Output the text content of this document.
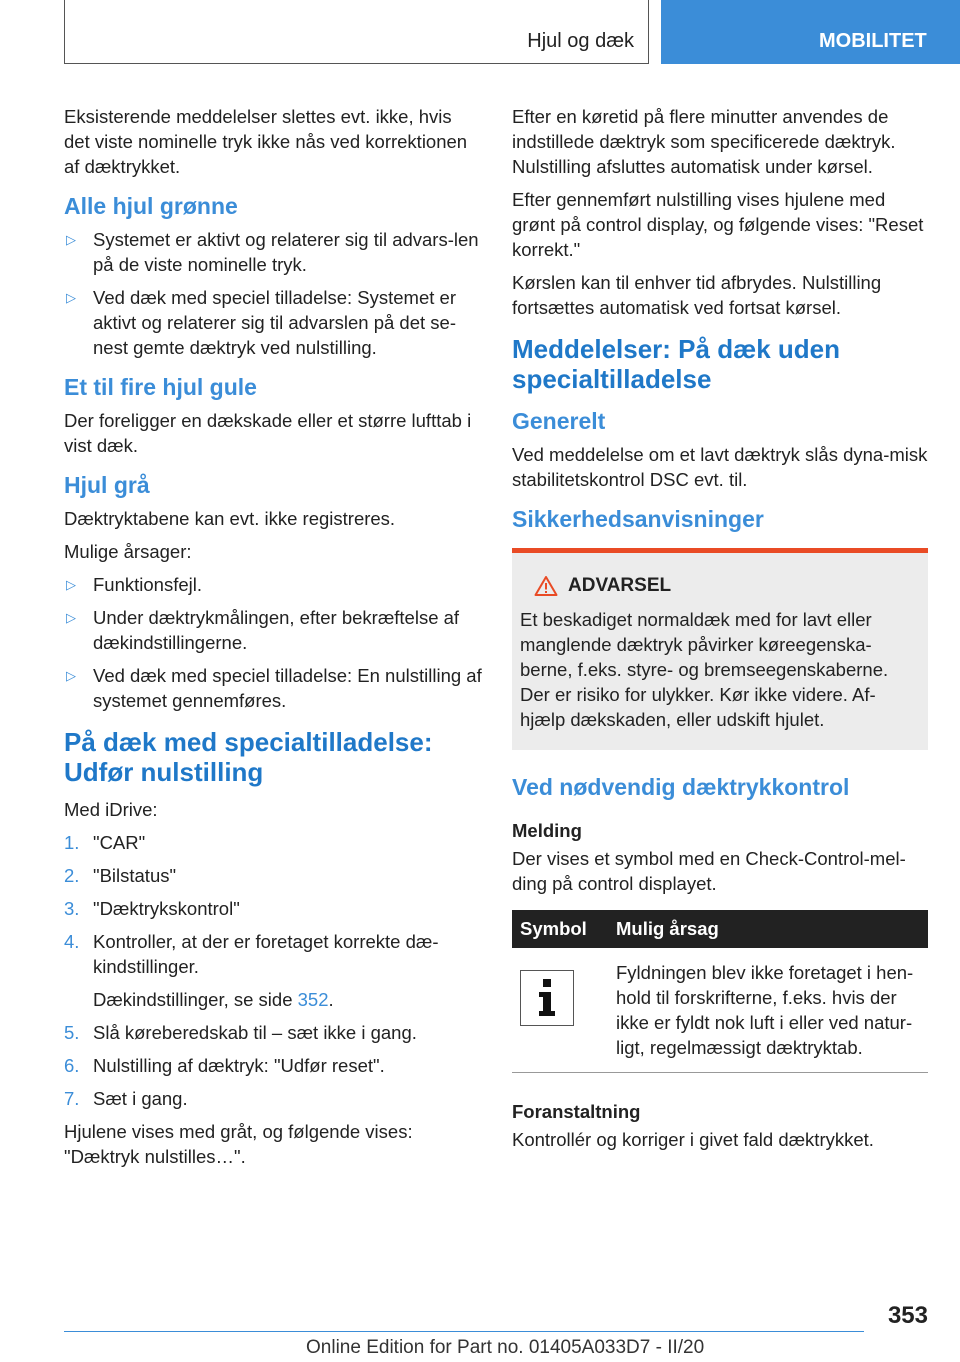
Hjul og dæk	MOBILITET

Eksisterende meddelelser slettes evt. ikke, hvis det viste nominelle tryk ikke nås ved korrektionen af dæktrykket.

Alle hjul grønne
▷ Systemet er aktivt og relaterer sig til advars-len på de viste nominelle tryk.
▷ Ved dæk med speciel tilladelse: Systemet er aktivt og relaterer sig til advarslen på det se-nest gemte dæktryk ved nulstilling.
Et til fire hjul gule

Der foreligger en dækskade eller et større lufttab i vist dæk.

Hjul grå

Dæktryktabene kan evt. ikke registreres.

Mulige årsager:

▷ Funktionsfejl.
▷ Under dæktrykmålingen, efter bekræftelse af dækindstillingerne.
▷ Ved dæk med speciel tilladelse: En nulstilling af systemet gennemføres.
På dæk med specialtilladelse: Udfør nulstilling

Med iDrive:

1. "CAR"
2. "Bilstatus"
3. "Dæktrykskontrol"
4. Kontroller, at der er foretaget korrekte dæ-kindstillinger.
Dækindstillinger, se side 352.
5. Slå køreberedskab til – sæt ikke i gang.
6. Nulstilling af dæktryk: "Udfør reset".
7. Sæt i gang.

Hjulene vises med gråt, og følgende vises: "Dæktryk nulstilles…".

Efter en køretid på flere minutter anvendes de indstillede dæktryk som specificerede dæktryk. Nulstilling afsluttes automatisk under kørsel.

Efter gennemført nulstilling vises hjulene med grønt på control display, og følgende vises: "Reset korrekt."

Kørslen kan til enhver tid afbrydes. Nulstilling fortsættes automatisk ved fortsat kørsel.

Meddelelser: På dæk uden specialtilladelse
Generelt

Ved meddelelse om et lavt dæktryk slås dyna-misk stabilitetskontrol DSC evt. til.

Sikkerhedsanvisninger
ADVARSEL

Et beskadiget normaldæk med for lavt eller manglende dæktryk påvirker køreegenska-berne, f.eks. styre- og bremseegenskaberne. Der er risiko for ulykker. Kør ikke videre. Af-hjælp dækskaden, eller udskift hjulet.

Ved nødvendig dæktrykkontrol
Melding

Der vises et symbol med en Check-Control-mel-ding på control displayet.

Symbol	Mulig årsag

	Fyldningen blev ikke foretaget i hen-hold til forskrifterne, f.eks. hvis der ikke er fyldt nok luft i eller ved natur-ligt, regelmæssigt dæktryktab.
Foranstaltning

Kontrollér og korriger i givet fald dæktrykket.

353
Online Edition for Part no. 01405A033D7 - II/20
